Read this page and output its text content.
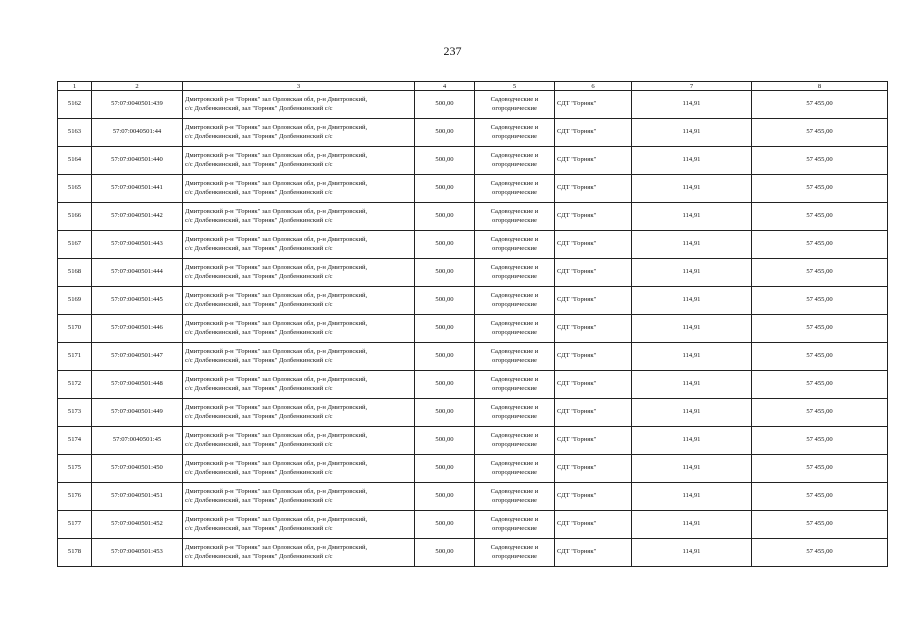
237
1	2	3	4	5	6	7	8
5162	57:07:0040501:439	Дмитровский р-н "Горняк" зал Орловская обл, р-н Дмитровский,
с/с Долбенкинский, зал "Горняк" Долбенкинский с/с	500,00	Садоводческие и
огороднические	СДТ "Горняк"	114,91	57 455,00
5163	57:07:0040501:44	Дмитровский р-н "Горняк" зал Орловская обл, р-н Дмитровский,
с/с Долбенкинский, зал "Горняк" Долбенкинский с/с	500,00	Садоводческие и
огороднические	СДТ "Горняк"	114,91	57 455,00
5164	57:07:0040501:440	Дмитровский р-н "Горняк" зал Орловская обл, р-н Дмитровский,
с/с Долбенкинский, зал "Горняк" Долбенкинский с/с	500,00	Садоводческие и
огороднические	СДТ "Горняк"	114,91	57 455,00
5165	57:07:0040501:441	Дмитровский р-н "Горняк" зал Орловская обл, р-н Дмитровский,
с/с Долбенкинский, зал "Горняк" Долбенкинский с/с	500,00	Садоводческие и
огороднические	СДТ "Горняк"	114,91	57 455,00
5166	57:07:0040501:442	Дмитровский р-н "Горняк" зал Орловская обл, р-н Дмитровский,
с/с Долбенкинский, зал "Горняк" Долбенкинский с/с	500,00	Садоводческие и
огороднические	СДТ "Горняк"	114,91	57 455,00
5167	57:07:0040501:443	Дмитровский р-н "Горняк" зал Орловская обл, р-н Дмитровский,
с/с Долбенкинский, зал "Горняк" Долбенкинский с/с	500,00	Садоводческие и
огороднические	СДТ "Горняк"	114,91	57 455,00
5168	57:07:0040501:444	Дмитровский р-н "Горняк" зал Орловская обл, р-н Дмитровский,
с/с Долбенкинский, зал "Горняк" Долбенкинский с/с	500,00	Садоводческие и
огороднические	СДТ "Горняк"	114,91	57 455,00
5169	57:07:0040501:445	Дмитровский р-н "Горняк" зал Орловская обл, р-н Дмитровский,
с/с Долбенкинский, зал "Горняк" Долбенкинский с/с	500,00	Садоводческие и
огороднические	СДТ "Горняк"	114,91	57 455,00
5170	57:07:0040501:446	Дмитровский р-н "Горняк" зал Орловская обл, р-н Дмитровский,
с/с Долбенкинский, зал "Горняк" Долбенкинский с/с	500,00	Садоводческие и
огороднические	СДТ "Горняк"	114,91	57 455,00
5171	57:07:0040501:447	Дмитровский р-н "Горняк" зал Орловская обл, р-н Дмитровский,
с/с Долбенкинский, зал "Горняк" Долбенкинский с/с	500,00	Садоводческие и
огороднические	СДТ "Горняк"	114,91	57 455,00
5172	57:07:0040501:448	Дмитровский р-н "Горняк" зал Орловская обл, р-н Дмитровский,
с/с Долбенкинский, зал "Горняк" Долбенкинский с/с	500,00	Садоводческие и
огороднические	СДТ "Горняк"	114,91	57 455,00
5173	57:07:0040501:449	Дмитровский р-н "Горняк" зал Орловская обл, р-н Дмитровский,
с/с Долбенкинский, зал "Горняк" Долбенкинский с/с	500,00	Садоводческие и
огороднические	СДТ "Горняк"	114,91	57 455,00
5174	57:07:0040501:45	Дмитровский р-н "Горняк" зал Орловская обл, р-н Дмитровский,
с/с Долбенкинский, зал "Горняк" Долбенкинский с/с	500,00	Садоводческие и
огороднические	СДТ "Горняк"	114,91	57 455,00
5175	57:07:0040501:450	Дмитровский р-н "Горняк" зал Орловская обл, р-н Дмитровский,
с/с Долбенкинский, зал "Горняк" Долбенкинский с/с	500,00	Садоводческие и
огороднические	СДТ "Горняк"	114,91	57 455,00
5176	57:07:0040501:451	Дмитровский р-н "Горняк" зал Орловская обл, р-н Дмитровский,
с/с Долбенкинский, зал "Горняк" Долбенкинский с/с	500,00	Садоводческие и
огороднические	СДТ "Горняк"	114,91	57 455,00
5177	57:07:0040501:452	Дмитровский р-н "Горняк" зал Орловская обл, р-н Дмитровский,
с/с Долбенкинский, зал "Горняк" Долбенкинский с/с	500,00	Садоводческие и
огороднические	СДТ "Горняк"	114,91	57 455,00
5178	57:07:0040501:453	Дмитровский р-н "Горняк" зал Орловская обл, р-н Дмитровский,
с/с Долбенкинский, зал "Горняк" Долбенкинский с/с	500,00	Садоводческие и
огороднические	СДТ "Горняк"	114,91	57 455,00
